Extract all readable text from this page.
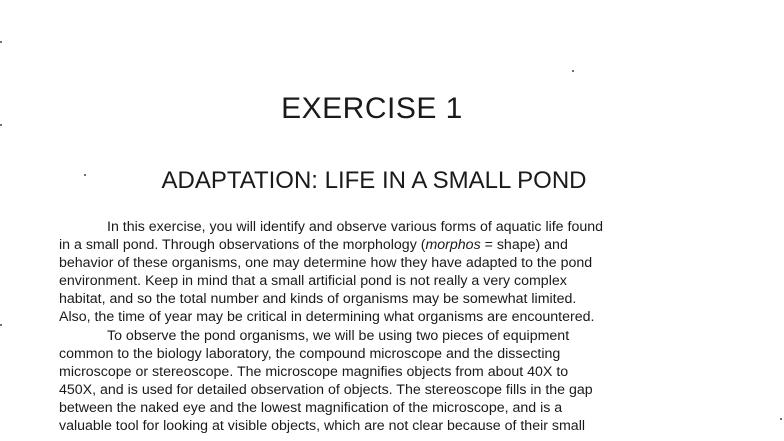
EXERCISE 1
ADAPTATION: LIFE IN A SMALL POND
In this exercise, you will identify and observe various forms of aquatic life found
in a small pond. Through observations of the morphology (morphos = shape) and
behavior of these organisms, one may determine how they have adapted to the pond
environment. Keep in mind that a small artificial pond is not really a very complex
habitat, and so the total number and kinds of organisms may be somewhat limited.
Also, the time of year may be critical in determining what organisms are encountered.
To observe the pond organisms, we will be using two pieces of equipment
common to the biology laboratory, the compound microscope and the dissecting
microscope or stereoscope. The microscope magnifies objects from about 40X to
450X, and is used for detailed observation of objects. The stereoscope fills in the gap
between the naked eye and the lowest magnification of the microscope, and is a
valuable tool for looking at visible objects, which are not clear because of their small
